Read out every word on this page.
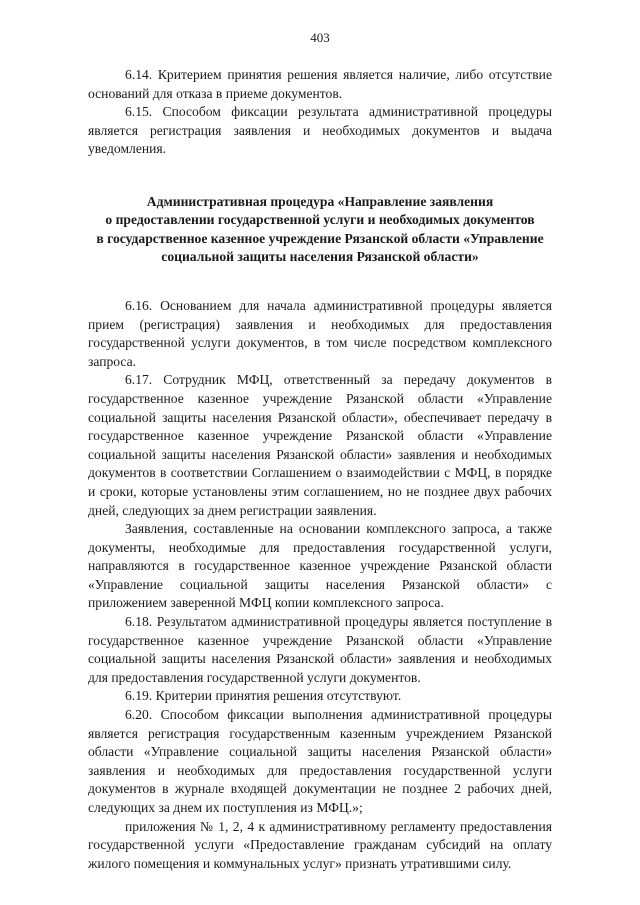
403

6.14. Критерием принятия решения является наличие, либо отсутствие оснований для отказа в приеме документов.

6.15. Способом фиксации результата административной процедуры является регистрация заявления и необходимых документов и выдача уведомления.

Административная процедура «Направление заявления
о предоставлении государственной услуги и необходимых документов
в государственное казенное учреждение Рязанской области «Управление
социальной защиты населения Рязанской области»

6.16. Основанием для начала административной процедуры является прием (регистрация) заявления и необходимых для предоставления государственной услуги документов, в том числе посредством комплексного запроса.

6.17. Сотрудник МФЦ, ответственный за передачу документов в государственное казенное учреждение Рязанской области «Управление социальной защиты населения Рязанской области», обеспечивает передачу в государственное казенное учреждение Рязанской области «Управление социальной защиты населения Рязанской области» заявления и необходимых документов в соответствии Соглашением о взаимодействии с МФЦ, в порядке и сроки, которые установлены этим соглашением, но не позднее двух рабочих дней, следующих за днем регистрации заявления.

Заявления, составленные на основании комплексного запроса, а также документы, необходимые для предоставления государственной услуги, направляются в государственное казенное учреждение Рязанской области «Управление социальной защиты населения Рязанской области» с приложением заверенной МФЦ копии комплексного запроса.

6.18. Результатом административной процедуры является поступление в государственное казенное учреждение Рязанской области «Управление социальной защиты населения Рязанской области» заявления и необходимых для предоставления государственной услуги документов.

6.19. Критерии принятия решения отсутствуют.

6.20. Способом фиксации выполнения административной процедуры является регистрация государственным казенным учреждением Рязанской области «Управление социальной защиты населения Рязанской области» заявления и необходимых для предоставления государственной услуги документов в журнале входящей документации не позднее 2 рабочих дней, следующих за днем их поступления из МФЦ.»;

приложения № 1, 2, 4 к административному регламенту предоставления государственной услуги «Предоставление гражданам субсидий на оплату жилого помещения и коммунальных услуг» признать утратившими силу.
